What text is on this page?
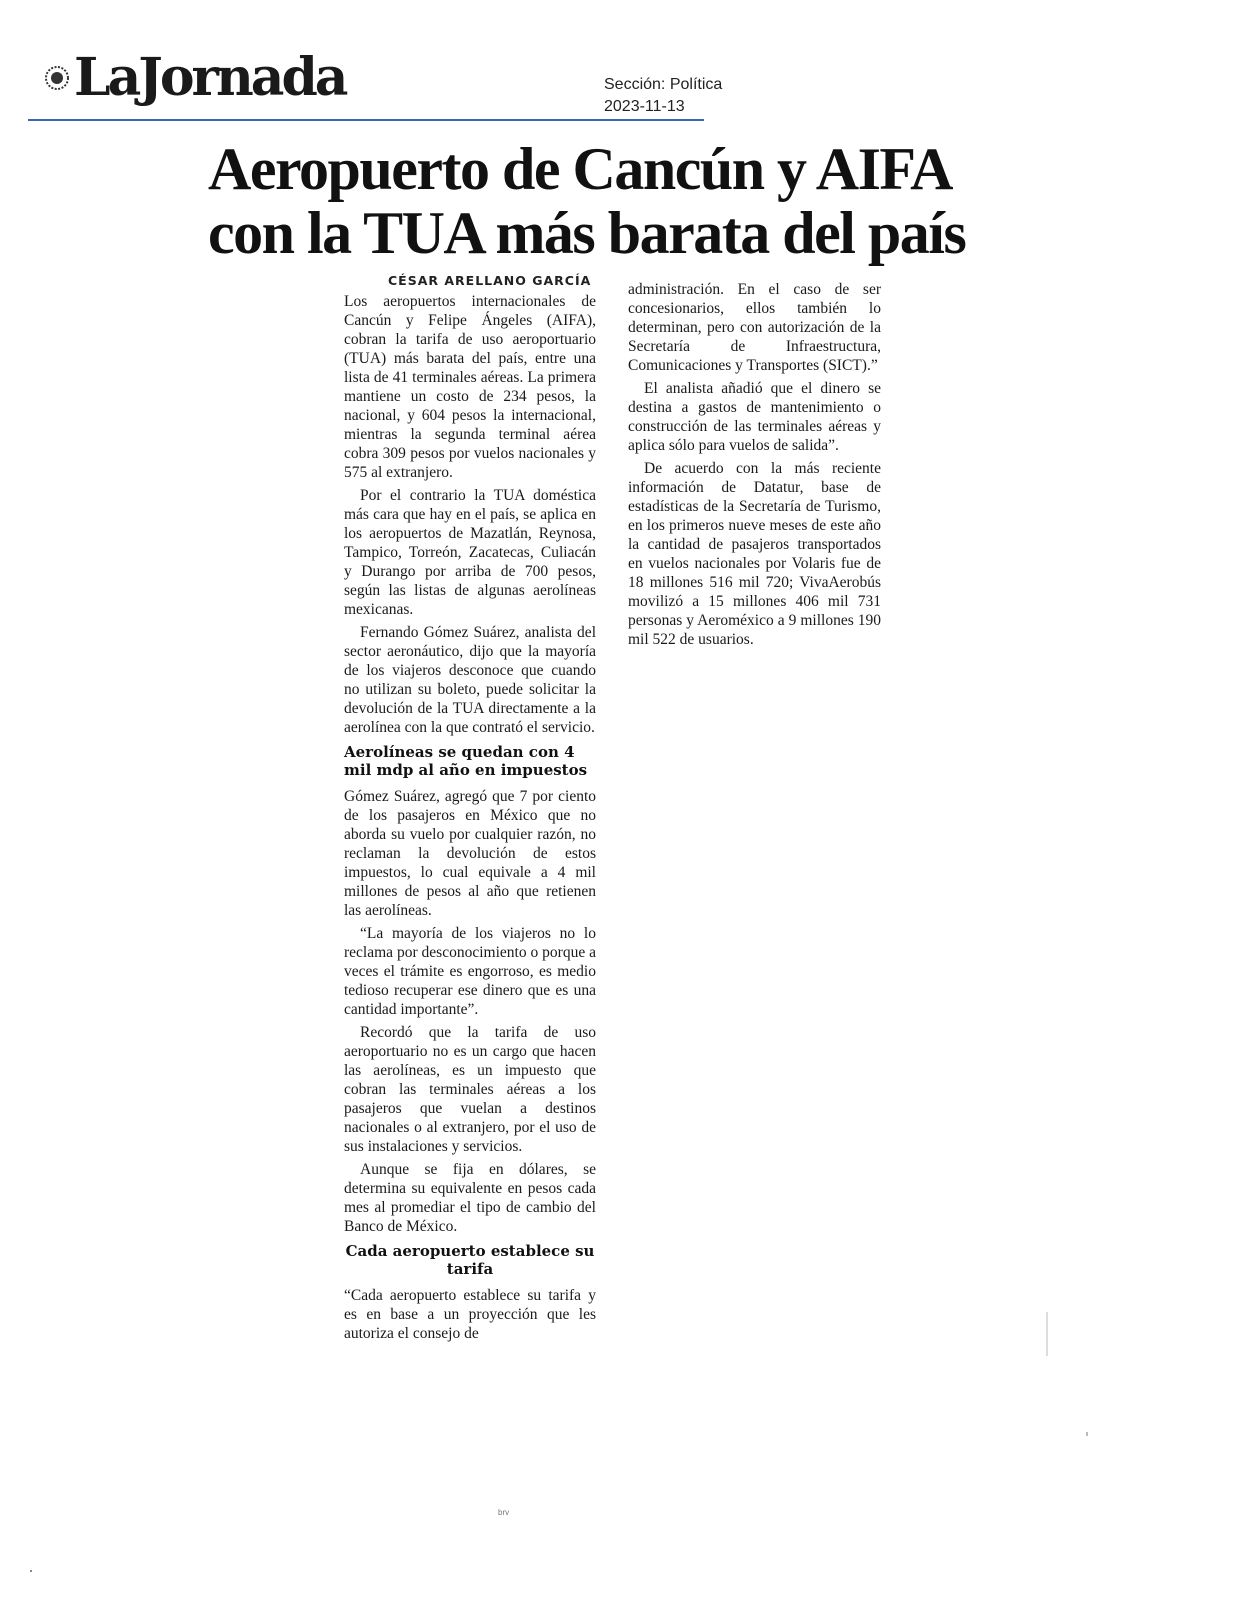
LaJornada	Sección: Política
2023-11-13
Aeropuerto de Cancún y AIFA
con la TUA más barata del país
CÉSAR ARELLANO GARCÍA

Los aeropuertos internacionales de Cancún y Felipe Ángeles (AIFA), cobran la tarifa de uso aeroportuario (TUA) más barata del país, entre una lista de 41 terminales aéreas. La primera mantiene un costo de 234 pesos, la nacional, y 604 pesos la internacional, mientras la segunda terminal aérea cobra 309 pesos por vuelos nacionales y 575 al extranjero.

Por el contrario la TUA doméstica más cara que hay en el país, se aplica en los aeropuertos de Mazatlán, Reynosa, Tampico, Torreón, Zacatecas, Culiacán y Durango por arriba de 700 pesos, según las listas de algunas aerolíneas mexicanas.

Fernando Gómez Suárez, analista del sector aeronáutico, dijo que la mayoría de los viajeros desconoce que cuando no utilizan su boleto, puede solicitar la devolución de la TUA directamente a la aerolínea con la que contrató el servicio.

Aerolíneas se quedan con 4 mil mdp al año en impuestos

Gómez Suárez, agregó que 7 por ciento de los pasajeros en México que no aborda su vuelo por cualquier razón, no reclaman la devolución de estos impuestos, lo cual equivale a 4 mil millones de pesos al año que retienen las aerolíneas.

“La mayoría de los viajeros no lo reclama por desconocimiento o porque a veces el trámite es engorroso, es medio tedioso recuperar ese dinero que es una cantidad importante”.

Recordó que la tarifa de uso aeroportuario no es un cargo que hacen las aerolíneas, es un impuesto que cobran las terminales aéreas a los pasajeros que vuelan a destinos nacionales o al extranjero, por el uso de sus instalaciones y servicios.

Aunque se fija en dólares, se determina su equivalente en pesos cada mes al promediar el tipo de cambio del Banco de México.

Cada aeropuerto establece su tarifa

“Cada aeropuerto establece su tarifa y es en base a un proyección que les autoriza el consejo de

administración. En el caso de ser concesionarios, ellos también lo determinan, pero con autorización de la Secretaría de Infraestructura, Comunicaciones y Transportes (SICT).”

El analista añadió que el dinero se destina a gastos de mantenimiento o construcción de las terminales aéreas y aplica sólo para vuelos de salida”.

De acuerdo con la más reciente información de Datatur, base de estadísticas de la Secretaría de Turismo, en los primeros nueve meses de este año la cantidad de pasajeros transportados en vuelos nacionales por Volaris fue de 18 millones 516 mil 720; VivaAerobús movilizó a 15 millones 406 mil 731 personas y Aeroméxico a 9 millones 190 mil 522 de usuarios.

brv
